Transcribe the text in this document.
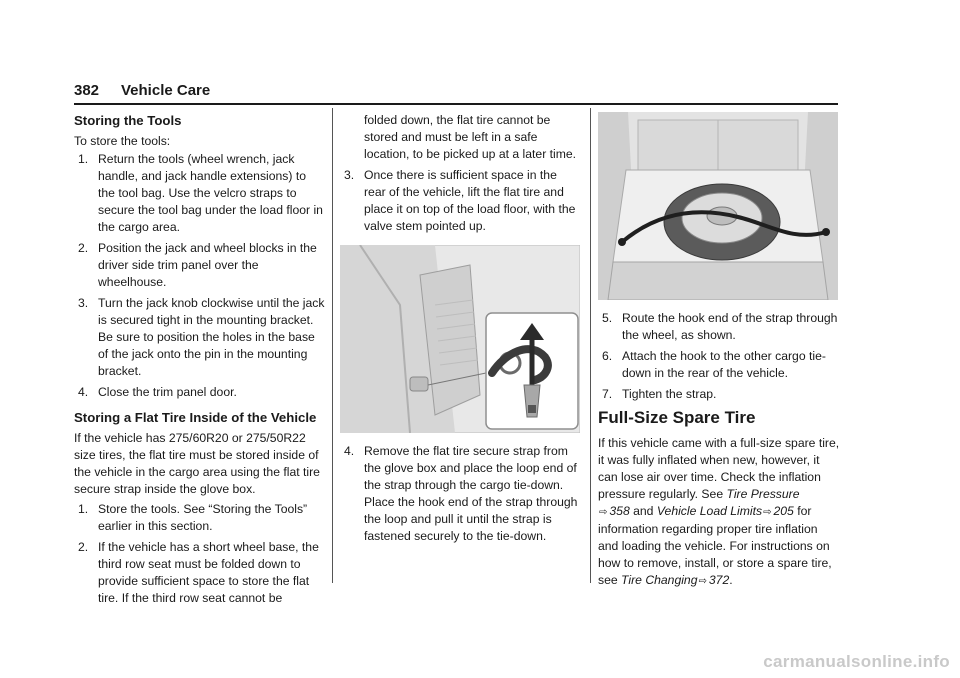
382 Vehicle Care
Storing the Tools

To store the tools:

1. Return the tools (wheel wrench, jack handle, and jack handle extensions) to the tool bag. Use the velcro straps to secure the tool bag under the load floor in the cargo area.
2. Position the jack and wheel blocks in the driver side trim panel over the wheelhouse.
3. Turn the jack knob clockwise until the jack is secured tight in the mounting bracket. Be sure to position the holes in the base of the jack onto the pin in the mounting bracket.
4. Close the trim panel door.
Storing a Flat Tire Inside of the Vehicle

If the vehicle has 275/60R20 or 275/50R22 size tires, the flat tire must be stored inside of the vehicle in the cargo area using the flat tire secure strap inside the glove box.

1. Store the tools. See “Storing the Tools” earlier in this section.
2. If the vehicle has a short wheel base, the third row seat must be folded down to provide sufficient space to store the flat tire. If the third row seat cannot be
folded down, the flat tire cannot be stored and must be left in a safe location, to be picked up at a later time.
3. Once there is sufficient space in the rear of the vehicle, lift the flat tire and place it on top of the load floor, with the valve stem pointed up.
4. Remove the flat tire secure strap from the glove box and place the loop end of the strap through the cargo tie-down. Place the hook end of the strap through the loop and pull it until the strap is fastened securely to the tie-down.
5. Route the hook end of the strap through the wheel, as shown.
6. Attach the hook to the other cargo tie-down in the rear of the vehicle.
7. Tighten the strap.
Full-Size Spare Tire

If this vehicle came with a full-size spare tire, it was fully inflated when new, however, it can lose air over time. Check the inflation pressure regularly. See Tire Pressure
⇨ 358 and Vehicle Load Limits⇨ 205 for information regarding proper tire inflation and loading the vehicle. For instructions on how to remove, install, or store a spare tire, see Tire Changing⇨ 372.

carmanualsonline.info
